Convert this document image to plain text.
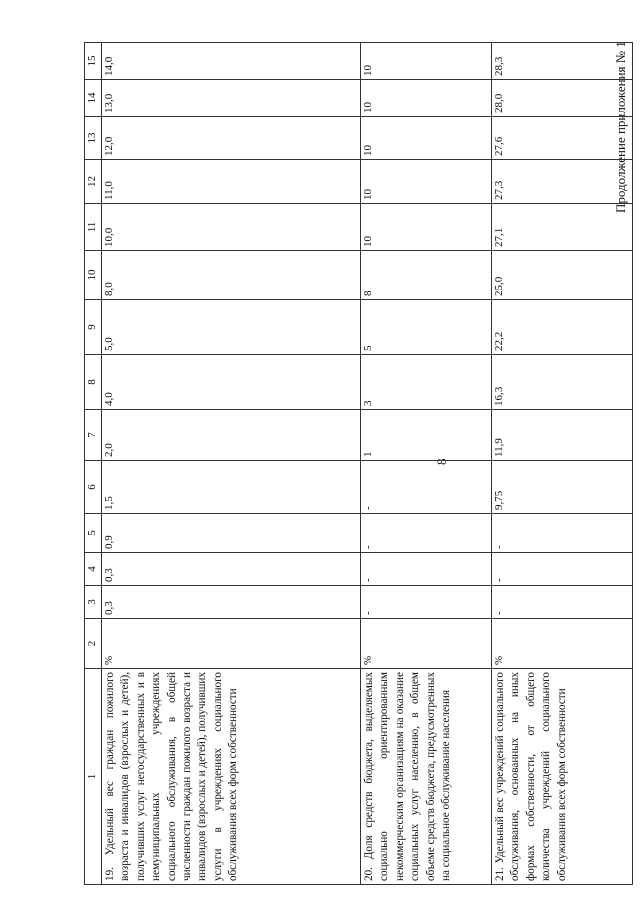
8
Продолжение приложения № 1
1	2	3	4	5	6	7	8	9	10	11	12	13	14	15
19. Удельный вес граждан пожилого возраста и инвалидов (взрослых и детей), получивших услуг негосударственных и в немуниципальных учреждениях социального обслуживания, в общей численности граждан пожилого возраста и инвалидов (взрослых и детей), получивших услуги в учреждениях социального обслуживания всех форм собственности	%	0,3	0,3	0,9	1,5	2,0	4,0	5,0	8,0	10,0	11,0	12,0	13,0	14,0
20. Доля средств бюджета, выделяемых социально ориентированным некоммерческим организациям на оказание социальных услуг населению, в общем объеме средств бюджета, предусмотренных на социальное обслуживание населения	%	-	-	-	-	1	3	5	8	10	10	10	10	10
21. Удельный вес учреждений социального обслуживания, основанных на иных формах собственности, от общего количества учреждений социального обслуживания всех форм собственности	%	-	-	-	9,75	11,9	16,3	22,2	25,0	27,1	27,3	27,6	28,0	28,3
